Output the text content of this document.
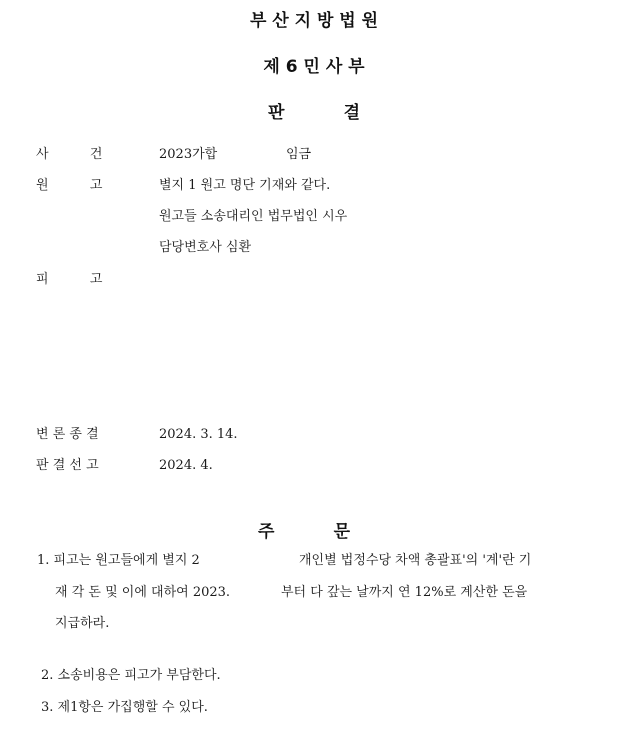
부 산 지 방 법 원
제 6 민 사 부
판          결
사          건	2023가합	임금
원          고	별지 1 원고 명단 기재와 같다.
원고들 소송대리인 법무법인 시우
담당변호사 심환
피          고
변 론 종 결	2024. 3. 14.
판 결 선 고	2024. 4.
주          문
1. 피고는 원고들에게 별지 2	개인별 법정수당 차액 총괄표'의 '계'란 기
재 각 돈 및 이에 대하여 2023.	부터 다 갚는 날까지 연 12%로 계산한 돈을
지급하라.
2. 소송비용은 피고가 부담한다.
3. 제1항은 가집행할 수 있다.
